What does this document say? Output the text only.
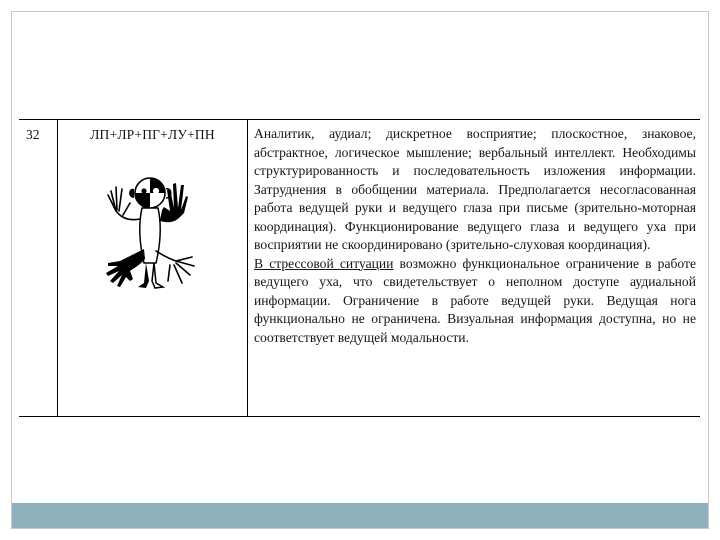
32	ЛП+ЛР+ПГ+ЛУ+ПН	Аналитик, аудиал; дискретное восприятие; плоскостное, знаковое, абстрактное, логическое мышление; вербальный интеллект. Необходимы структурированность и последовательность изложения информации. Затруднения в обобщении материала. Предполагается несогласованная работа ведущей руки и ведущего глаза при письме (зрительно-моторная координация). Функционирование ведущего глаза и ведущего уха при восприятии не скоординировано (зрительно-слуховая координация).

В стрессовой ситуации возможно функциональное ограничение в работе ведущего уха, что свидетельствует о неполном доступе аудиальной информации. Ограничение в работе ведущей руки. Ведущая нога функционально не ограничена. Визуальная информация доступна, но не соответствует ведущей модальности.
